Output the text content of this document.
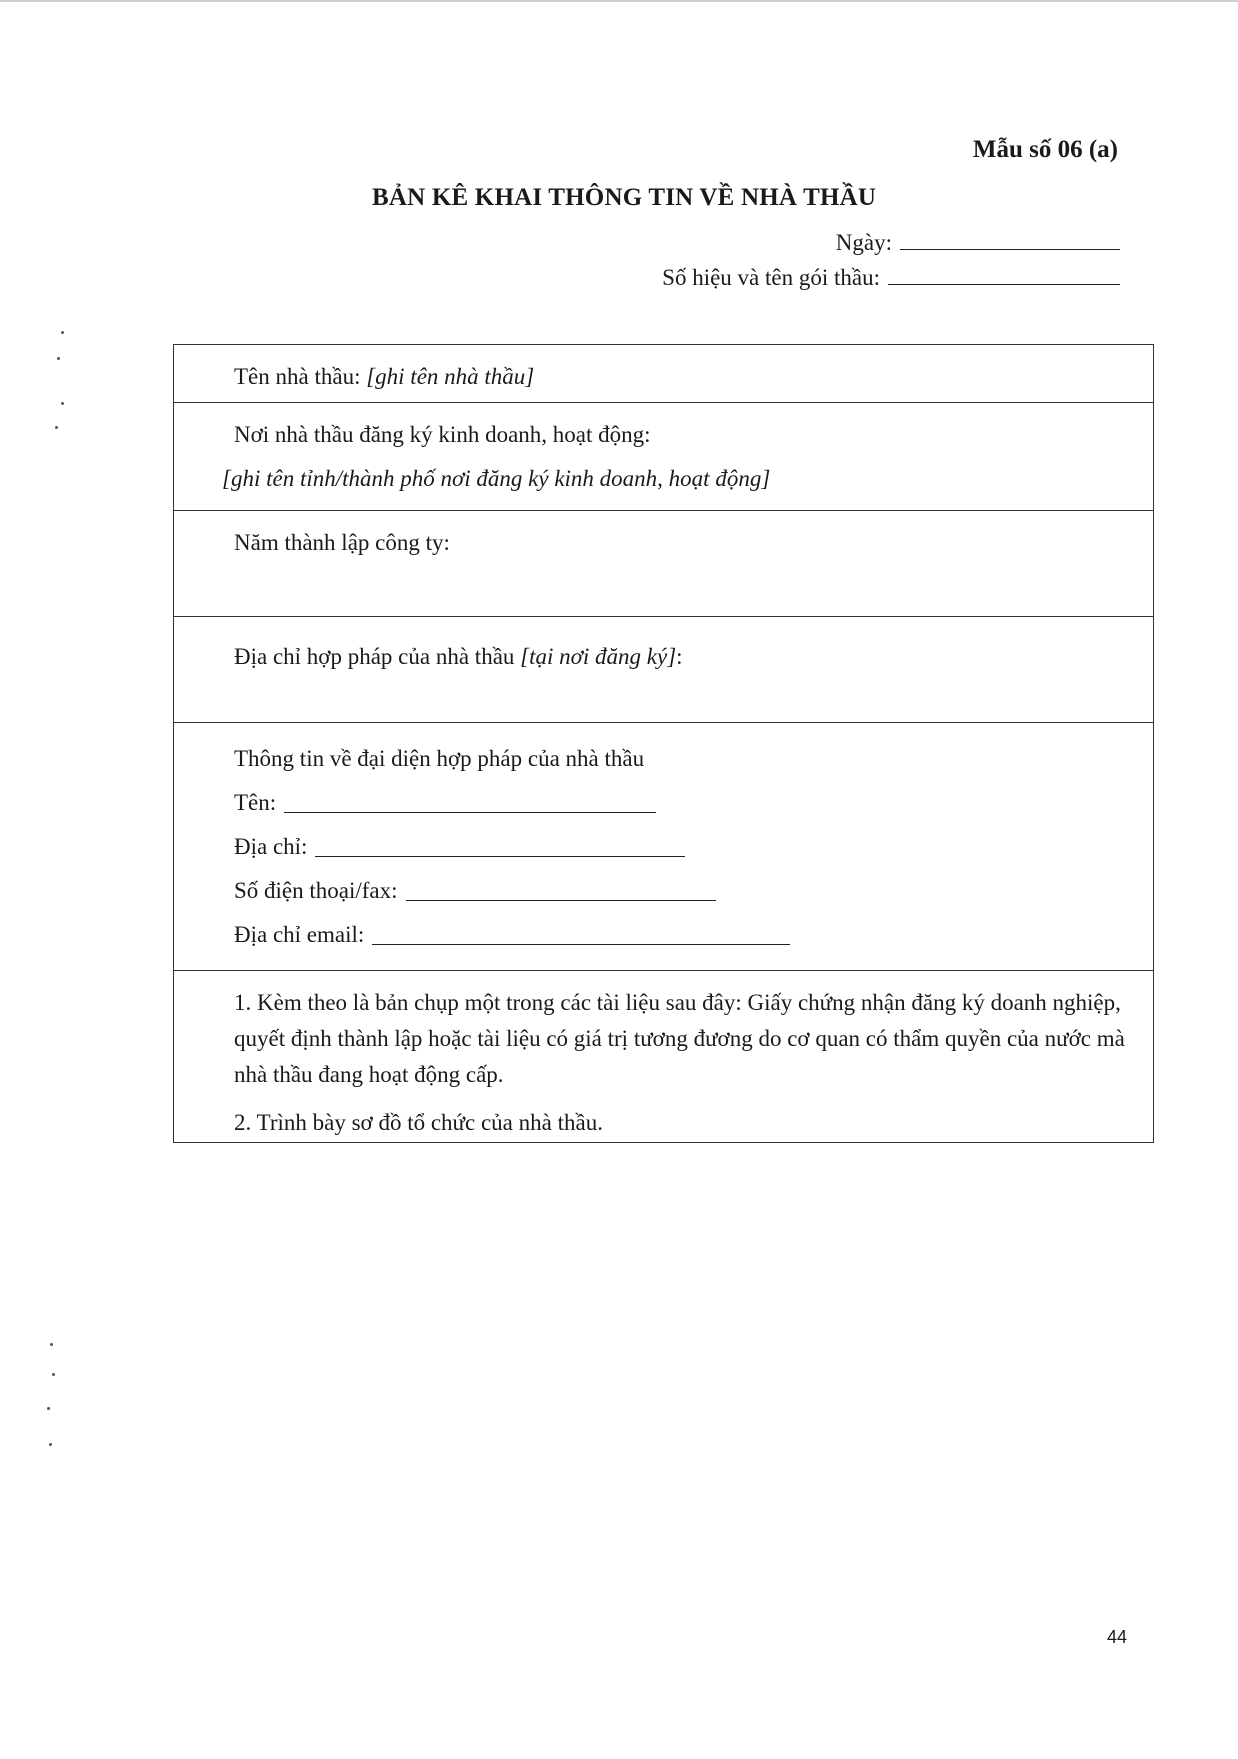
Mẫu số 06 (a)
BẢN KÊ KHAI THÔNG TIN VỀ NHÀ THẦU
Ngày:
Số hiệu và tên gói thầu:
Tên nhà thầu: [ghi tên nhà thầu]
Nơi nhà thầu đăng ký kinh doanh, hoạt động:
[ghi tên tỉnh/thành phố nơi đăng ký kinh doanh, hoạt động]
Năm thành lập công ty:
Địa chỉ hợp pháp của nhà thầu [tại nơi đăng ký]:
Thông tin về đại diện hợp pháp của nhà thầu
Tên:
Địa chỉ:
Số điện thoại/fax:
Địa chỉ email:

1. Kèm theo là bản chụp một trong các tài liệu sau đây: Giấy chứng nhận đăng ký doanh nghiệp, quyết định thành lập hoặc tài liệu có giá trị tương đương do cơ quan có thẩm quyền của nước mà nhà thầu đang hoạt động cấp.

2. Trình bày sơ đồ tổ chức của nhà thầu.

44
